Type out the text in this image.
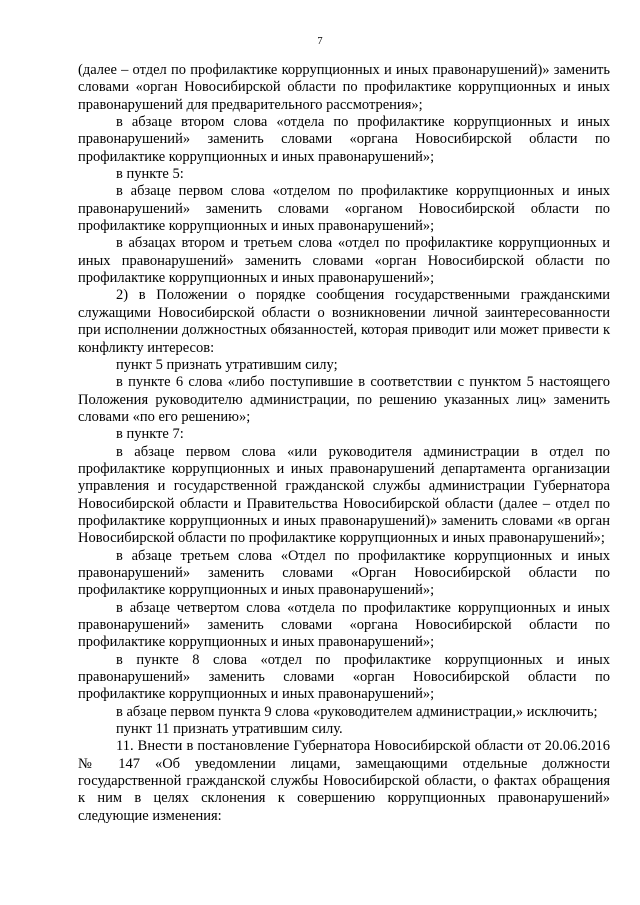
7

(далее – отдел по профилактике коррупционных и иных правонарушений)» заменить словами «орган Новосибирской области по профилактике коррупционных и иных правонарушений для предварительного рассмотрения»;

в абзаце втором слова «отдела по профилактике коррупционных и иных правонарушений» заменить словами «органа Новосибирской области по профилактике коррупционных и иных правонарушений»;

в пункте 5:

в абзаце первом слова «отделом по профилактике коррупционных и иных правонарушений» заменить словами «органом Новосибирской области по профилактике коррупционных и иных правонарушений»;

в абзацах втором и третьем слова «отдел по профилактике коррупционных и иных правонарушений» заменить словами «орган Новосибирской области по профилактике коррупционных и иных правонарушений»;

2) в Положении о порядке сообщения государственными гражданскими служащими Новосибирской области о возникновении личной заинтересованности при исполнении должностных обязанностей, которая приводит или может привести к конфликту интересов:

пункт 5 признать утратившим силу;

в пункте 6 слова «либо поступившие в соответствии с пунктом 5 настоящего Положения руководителю администрации, по решению указанных лиц» заменить словами «по его решению»;

в пункте 7:

в абзаце первом слова «или руководителя администрации в отдел по профилактике коррупционных и иных правонарушений департамента организации управления и государственной гражданской службы администрации Губернатора Новосибирской области и Правительства Новосибирской области (далее – отдел по профилактике коррупционных и иных правонарушений)» заменить словами «в орган Новосибирской области по профилактике коррупционных и иных правонарушений»;

в абзаце третьем слова «Отдел по профилактике коррупционных и иных правонарушений» заменить словами «Орган Новосибирской области по профилактике коррупционных и иных правонарушений»;

в абзаце четвертом слова «отдела по профилактике коррупционных и иных правонарушений» заменить словами «органа Новосибирской области по профилактике коррупционных и иных правонарушений»;

в пункте 8 слова «отдел по профилактике коррупционных и иных правонарушений» заменить словами «орган Новосибирской области по профилактике коррупционных и иных правонарушений»;

в абзаце первом пункта 9 слова «руководителем администрации,» исключить;

пункт 11 признать утратившим силу.

11. Внести в постановление Губернатора Новосибирской области от 20.06.2016 № 147 «Об уведомлении лицами, замещающими отдельные должности государственной гражданской службы Новосибирской области, о фактах обращения к ним в целях склонения к совершению коррупционных правонарушений» следующие изменения:
